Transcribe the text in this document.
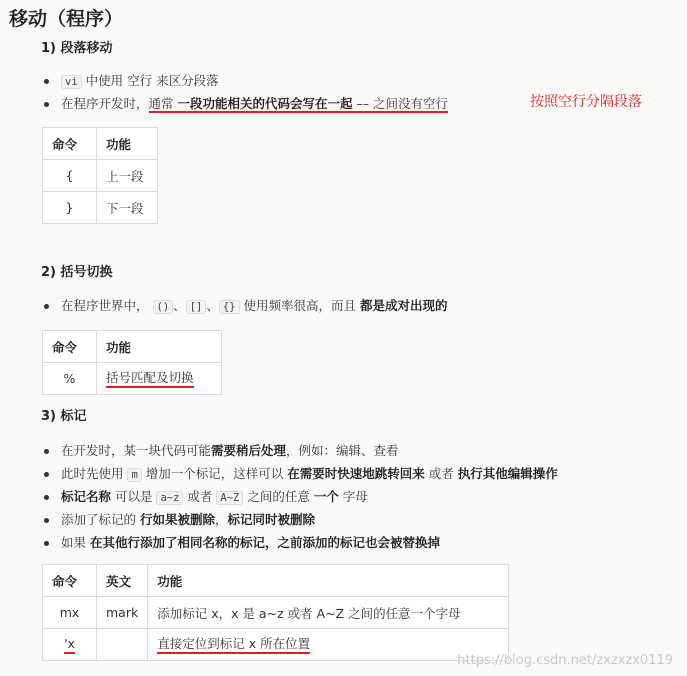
移动（程序）
1) 段落移动
vi 中使用 空行 来区分段落
在程序开发时，通常 一段功能相关的代码会写在一起 –– 之间没有空行	按照空行分隔段落
命令	功能
{	上一段
}	下一段
2) 括号切换
在程序世界中， () 、 [] 、 {} 使用频率很高，而且 都是成对出现的
命令	功能
%	括号匹配及切换
3) 标记
在开发时，某一块代码可能需要稍后处理，例如：编辑、查看
此时先使用 m 增加一个标记，这样可以 在需要时快速地跳转回来 或者 执行其他编辑操作
标记名称 可以是 a~z 或者 A~Z 之间的任意 一个 字母
添加了标记的 行如果被删除，标记同时被删除
如果 在其他行添加了相同名称的标记，之前添加的标记也会被替换掉
命令	英文	功能
mx	mark	添加标记 x，x 是 a~z 或者 A~Z 之间的任意一个字母
'x		直接定位到标记 x 所在位置
https://blog.csdn.net/zxzxzx0119
